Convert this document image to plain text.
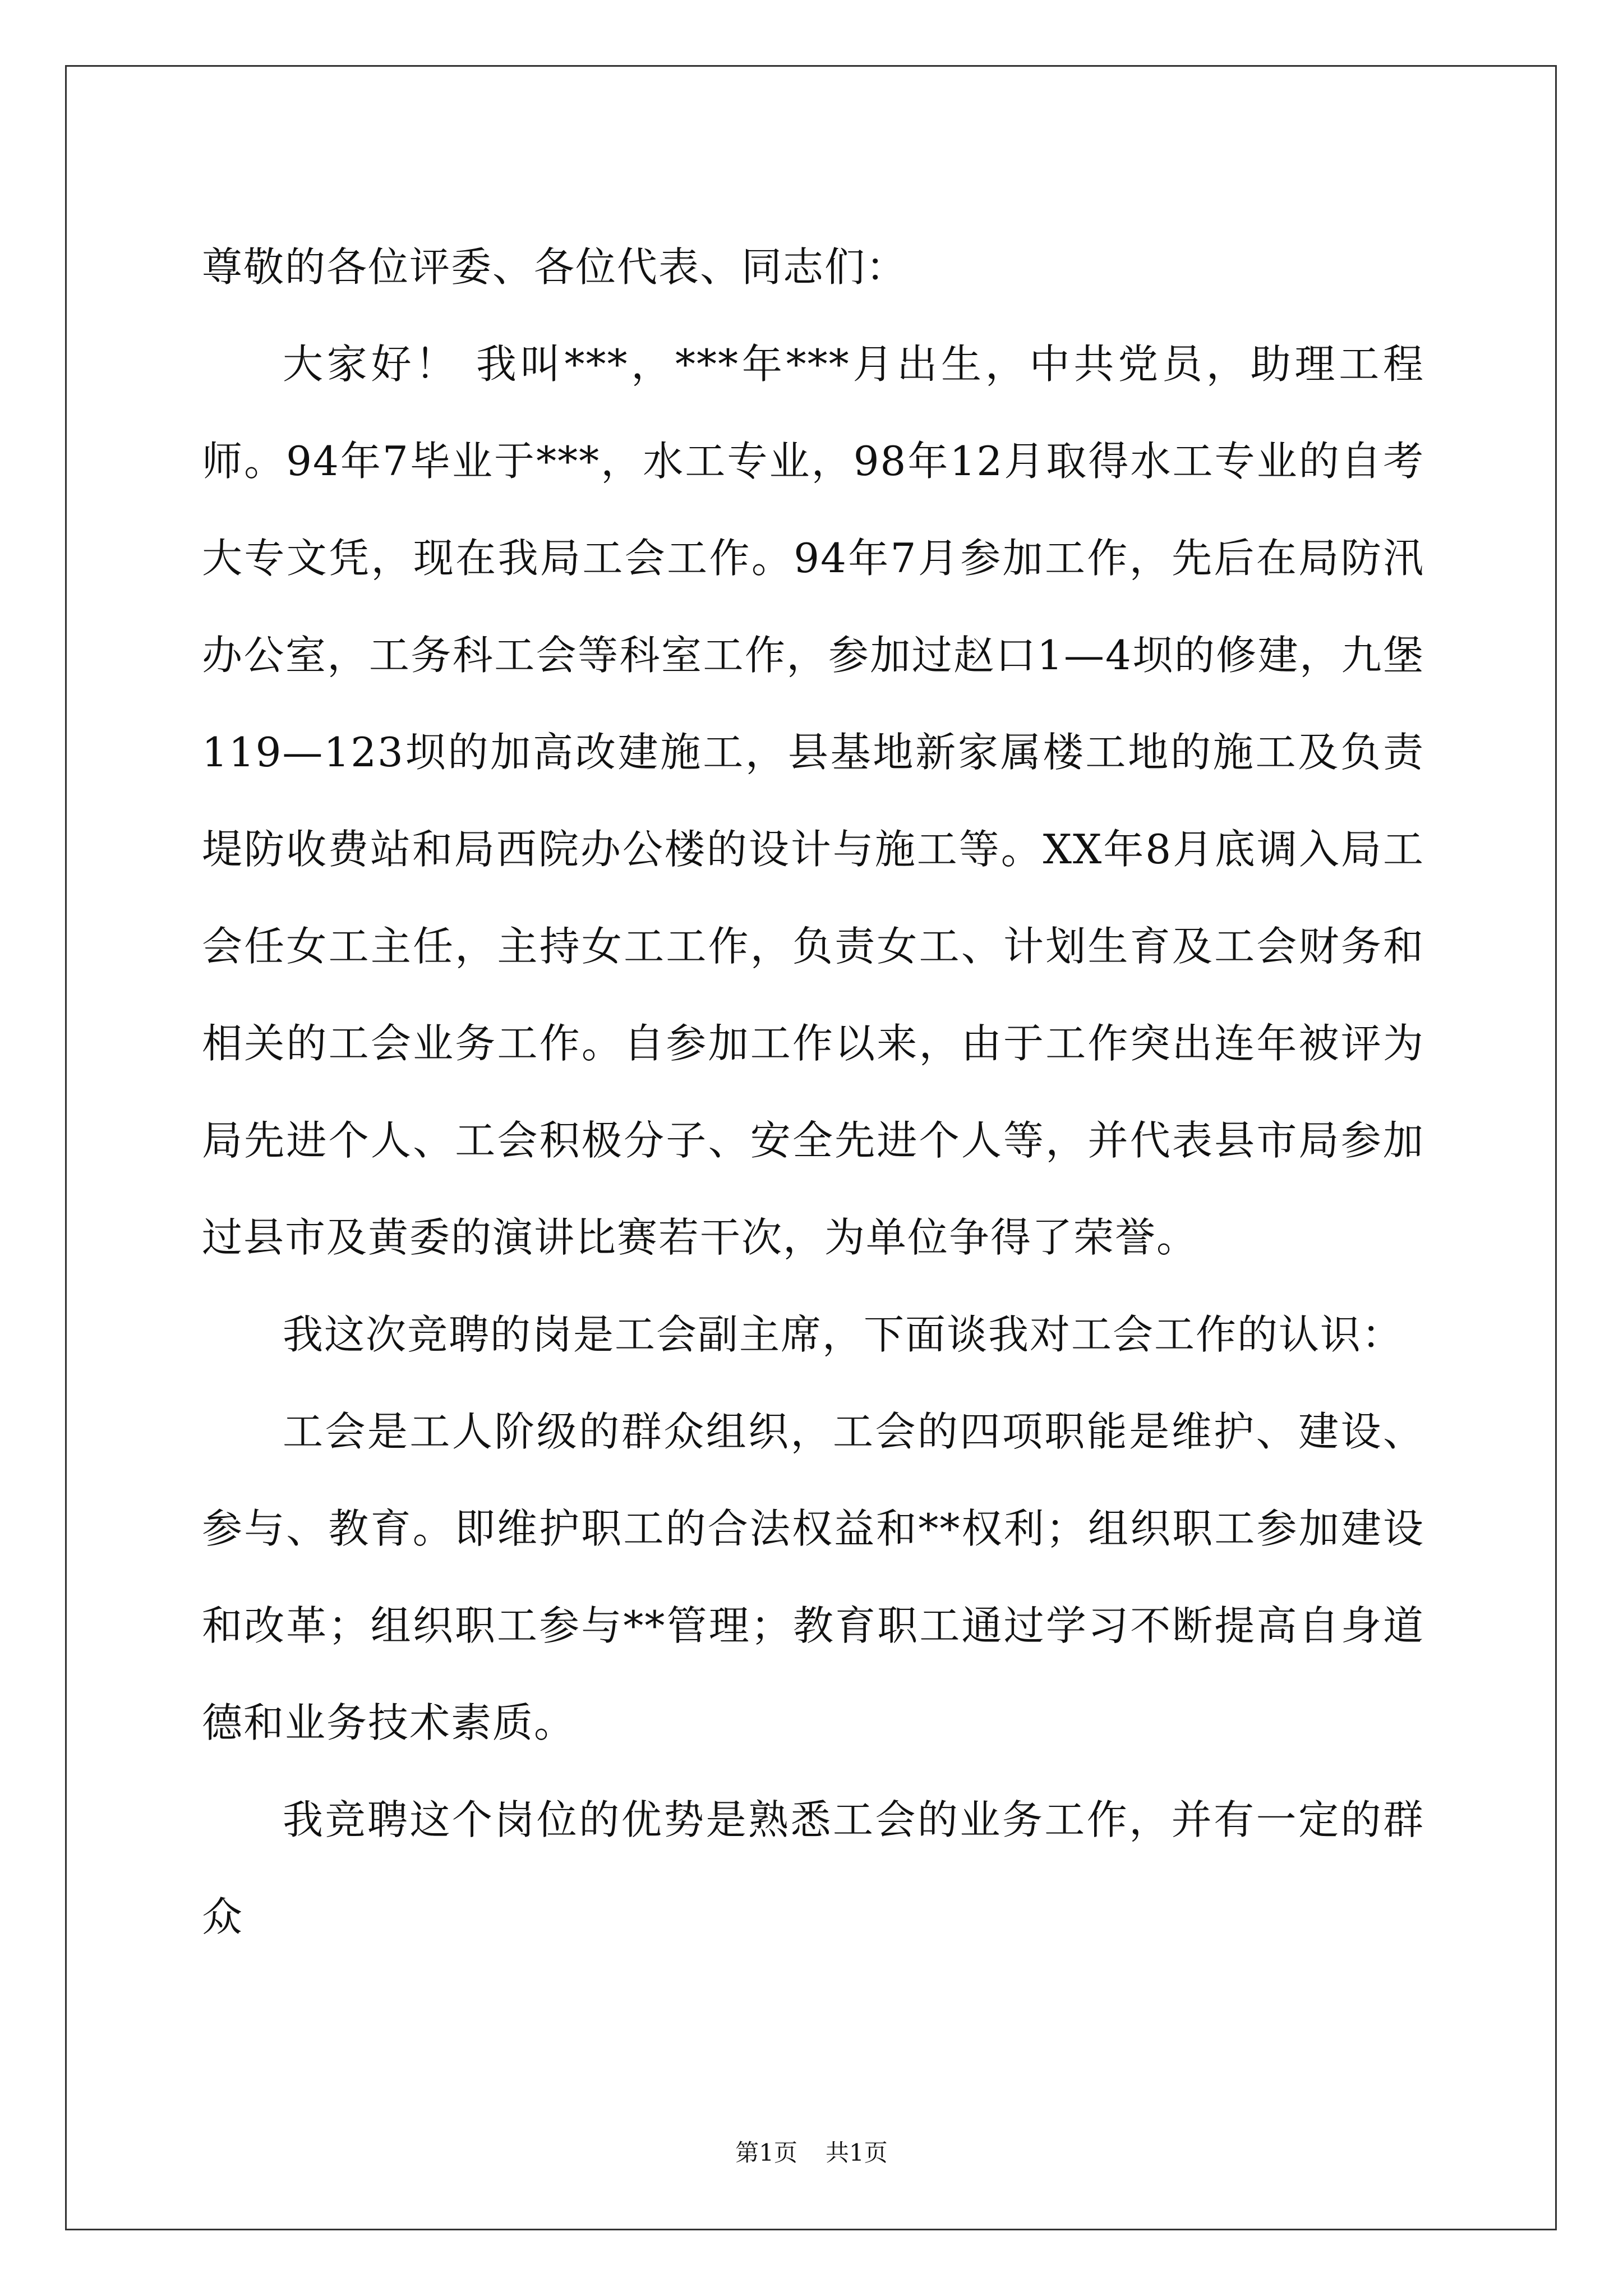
尊敬的各位评委、各位代表、同志们：

大家好！ 我叫***，***年***月出生，中共党员，助理工程师。94年7毕业于***，水工专业，98年12月取得水工专业的自考大专文凭，现在我局工会工作。94年7月参加工作，先后在局防汛办公室，工务科工会等科室工作，参加过赵口1—4坝的修建，九堡119—123坝的加高改建施工，县基地新家属楼工地的施工及负责堤防收费站和局西院办公楼的设计与施工等。XX年8月底调入局工会任女工主任，主持女工工作，负责女工、计划生育及工会财务和相关的工会业务工作。自参加工作以来，由于工作突出连年被评为局先进个人、工会积极分子、安全先进个人等，并代表县市局参加过县市及黄委的演讲比赛若干次，为单位争得了荣誉。

我这次竞聘的岗是工会副主席，下面谈我对工会工作的认识：

工会是工人阶级的群众组织，工会的四项职能是维护、建设、参与、教育。即维护职工的合法权益和**权利；组织职工参加建设和改革；组织职工参与**管理；教育职工通过学习不断提高自身道德和业务技术素质。

我竞聘这个岗位的优势是熟悉工会的业务工作，并有一定的群众

第1页 共1页
